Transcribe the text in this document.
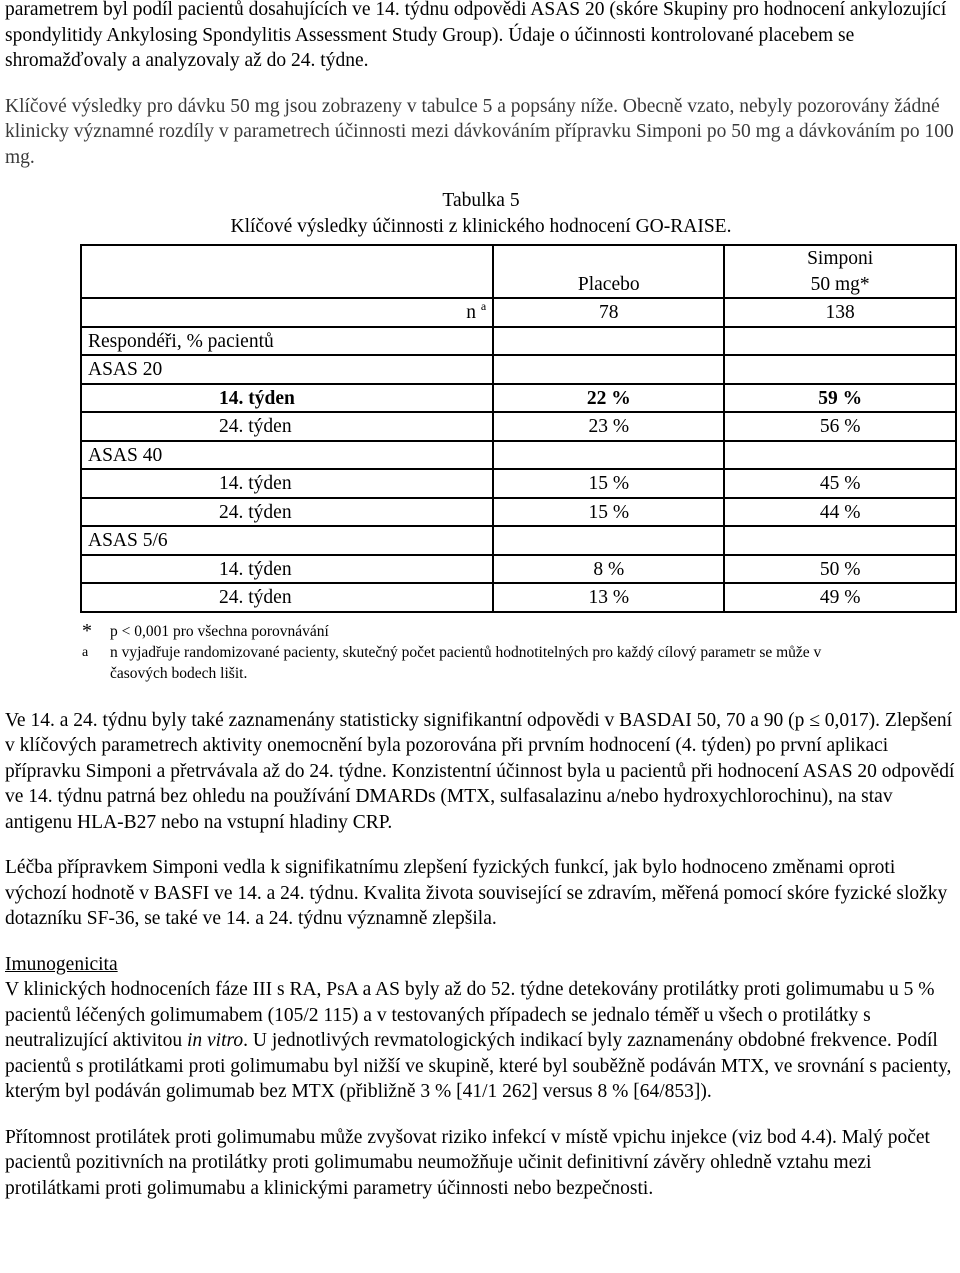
parametrem byl podíl pacientů dosahujících ve 14. týdnu odpovědi ASAS 20 (skóre Skupiny pro hodnocení ankylozující spondylitidy Ankylosing Spondylitis Assessment Study Group). Údaje o účinnosti kontrolované placebem se shromažďovaly a analyzovaly až do 24. týdne.

Klíčové výsledky pro dávku 50 mg jsou zobrazeny v tabulce 5 a popsány níže. Obecně vzato, nebyly pozorovány žádné klinicky významné rozdíly v parametrech účinnosti mezi dávkováním přípravku Simponi po 50 mg a dávkováním po 100 mg.

Tabulka 5
Klíčové výsledky účinnosti z klinického hodnocení GO-RAISE.
	Placebo	Simponi
50 mg*

n $^a$	78	138
Respondéři, % pacientů		
ASAS 20		
14. týden	22 %	59 %
24. týden	23 %	56 %
ASAS 40		
14. týden	15 %	45 %
24. týden	15 %	44 %
ASAS 5/6		
14. týden	8 %	50 %
24. týden	13 %	49 %
*	p < 0,001 pro všechna porovnávání
a	n vyjadřuje randomizované pacienty, skutečný počet pacientů hodnotitelných pro každý cílový parametr se může v časových bodech lišit.

Ve 14. a 24. týdnu byly také zaznamenány statisticky signifikantní odpovědi v BASDAI 50, 70 a 90 (p ≤ 0,017). Zlepšení v klíčových parametrech aktivity onemocnění byla pozorována při prvním hodnocení (4. týden) po první aplikaci přípravku Simponi a přetrvávala až do 24. týdne. Konzistentní účinnost byla u pacientů při hodnocení ASAS 20 odpovědí ve 14. týdnu patrná bez ohledu na používání DMARDs (MTX, sulfasalazinu a/nebo hydroxychlorochinu), na stav antigenu HLA-B27 nebo na vstupní hladiny CRP.

Léčba přípravkem Simponi vedla k signifikatnímu zlepšení fyzických funkcí, jak bylo hodnoceno změnami oproti výchozí hodnotě v BASFI ve 14. a 24. týdnu. Kvalita života související se zdravím, měřená pomocí skóre fyzické složky dotazníku SF-36, se také ve 14. a 24. týdnu významně zlepšila.

Imunogenicita

V klinických hodnoceních fáze III s RA, PsA a AS byly až do 52. týdne detekovány protilátky proti golimumabu u 5 % pacientů léčených golimumabem (105/2 115) a v testovaných případech se jednalo téměř u všech o protilátky s neutralizující aktivitou in vitro. U jednotlivých revmatologických indikací byly zaznamenány obdobné frekvence. Podíl pacientů s protilátkami proti golimumabu byl nižší ve skupině, které byl souběžně podáván MTX, ve srovnání s pacienty, kterým byl podáván golimumab bez MTX (přibližně 3 % [41/1 262] versus 8 % [64/853]).

Přítomnost protilátek proti golimumabu může zvyšovat riziko infekcí v místě vpichu injekce (viz bod 4.4). Malý počet pacientů pozitivních na protilátky proti golimumabu neumožňuje učinit definitivní závěry ohledně vztahu mezi protilátkami proti golimumabu a klinickými parametry účinnosti nebo bezpečnosti.
